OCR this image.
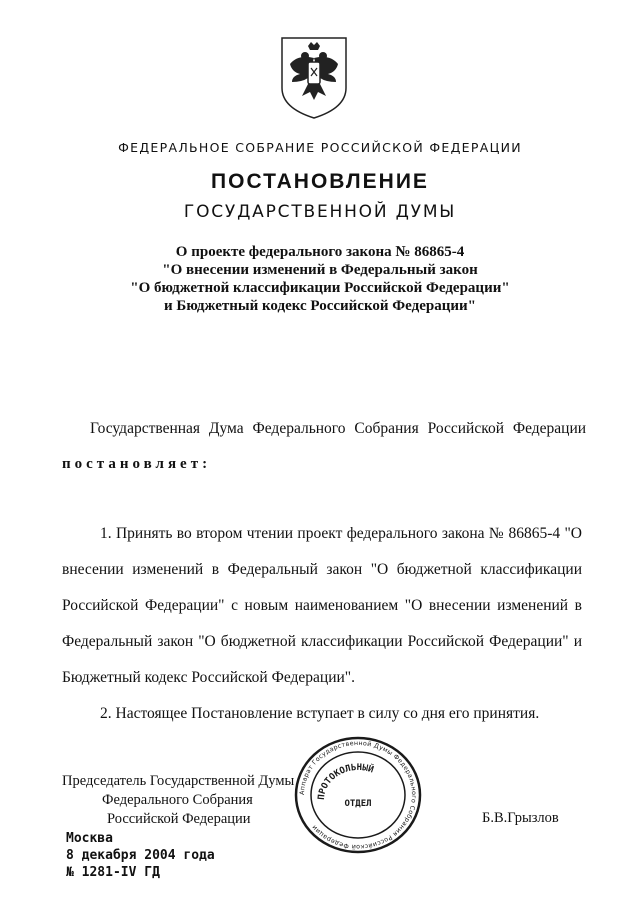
ФЕДЕРАЛЬНОЕ СОБРАНИЕ РОССИЙСКОЙ ФЕДЕРАЦИИ
ПОСТАНОВЛЕНИЕ
ГОСУДАРСТВЕННОЙ ДУМЫ
О проекте федерального закона № 86865-4
"О внесении изменений в Федеральный закон
"О бюджетной классификации Российской Федерации"
и Бюджетный кодекс Российской Федерации"
Государственная Дума Федерального Собрания Российской Федерации
постановляет:
1. Принять во втором чтении проект федерального закона № 86865-4 "О внесении изменений в Федеральный закон "О бюджетной классификации Российской Федерации" с новым наименованием "О внесении изменений в Федеральный закон "О бюджетной классификации Российской Федерации" и Бюджетный кодекс Российской Федерации".
2. Настоящее Постановление вступает в силу со дня его принятия.
Аппарат Государственной Думы Федерального Собрания Российской Федерации
ПРОТОКОЛЬНЫЙ
ОТДЕЛ
Председатель Государственной Думы
Федерального Собрания
Российской Федерации	Б.В.Грызлов
Москва
8 декабря 2004 года
№ 1281-IV ГД
